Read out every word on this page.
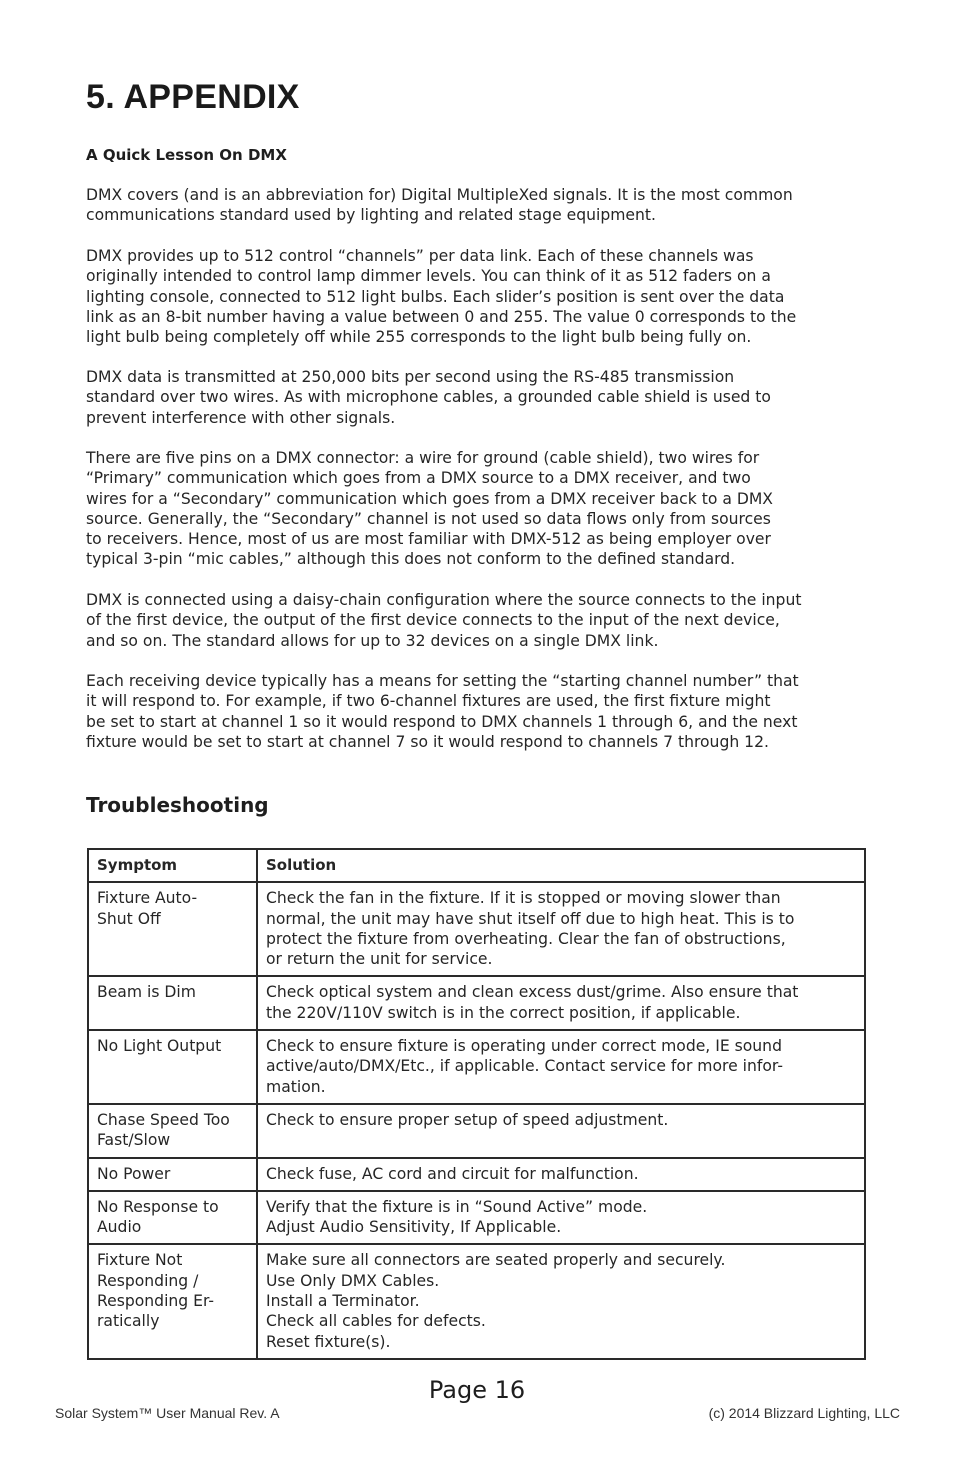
5. APPENDIX
A Quick Lesson On DMX

DMX covers (and is an abbreviation for) Digital MultipleXed signals. It is the most common
communications standard used by lighting and related stage equipment.

DMX provides up to 512 control “channels” per data link. Each of these channels was
originally intended to control lamp dimmer levels. You can think of it as 512 faders on a
lighting console, connected to 512 light bulbs. Each slider’s position is sent over the data
link as an 8-bit number having a value between 0 and 255. The value 0 corresponds to the
light bulb being completely off while 255 corresponds to the light bulb being fully on.

DMX data is transmitted at 250,000 bits per second using the RS-485 transmission
standard over two wires. As with microphone cables, a grounded cable shield is used to
prevent interference with other signals.

There are five pins on a DMX connector: a wire for ground (cable shield), two wires for
“Primary” communication which goes from a DMX source to a DMX receiver, and two
wires for a “Secondary” communication which goes from a DMX receiver back to a DMX
source. Generally, the “Secondary” channel is not used so data flows only from sources
to receivers. Hence, most of us are most familiar with DMX-512 as being employer over
typical 3-pin “mic cables,” although this does not conform to the defined standard.

DMX is connected using a daisy-chain configuration where the source connects to the input
of the first device, the output of the first device connects to the input of the next device,
and so on. The standard allows for up to 32 devices on a single DMX link.

Each receiving device typically has a means for setting the “starting channel number” that
it will respond to. For example, if two 6-channel fixtures are used, the first fixture might
be set to start at channel 1 so it would respond to DMX channels 1 through 6, and the next
fixture would be set to start at channel 7 so it would respond to channels 7 through 12.

Troubleshooting
Symptom	Solution

Fixture Auto-
Shut Off	Check the fan in the fixture. If it is stopped or moving slower than
normal, the unit may have shut itself off due to high heat. This is to
protect the fixture from overheating. Clear the fan of obstructions,
or return the unit for service.

Beam is Dim	Check optical system and clean excess dust/grime. Also ensure that
the 220V/110V switch is in the correct position, if applicable.

No Light Output	Check to ensure fixture is operating under correct mode, IE sound
active/auto/DMX/Etc., if applicable. Contact service for more infor-
mation.

Chase Speed Too
Fast/Slow	Check to ensure proper setup of speed adjustment.

No Power	Check fuse, AC cord and circuit for malfunction.

No Response to
Audio	Verify that the fixture is in “Sound Active” mode.
Adjust Audio Sensitivity, If Applicable.

Fixture Not
Responding /
Responding Er-
ratically	Make sure all connectors are seated properly and securely.
Use Only DMX Cables.
Install a Terminator.
Check all cables for defects.
Reset fixture(s).
Page 16
Solar System™ User Manual Rev. A	(c) 2014 Blizzard Lighting, LLC
